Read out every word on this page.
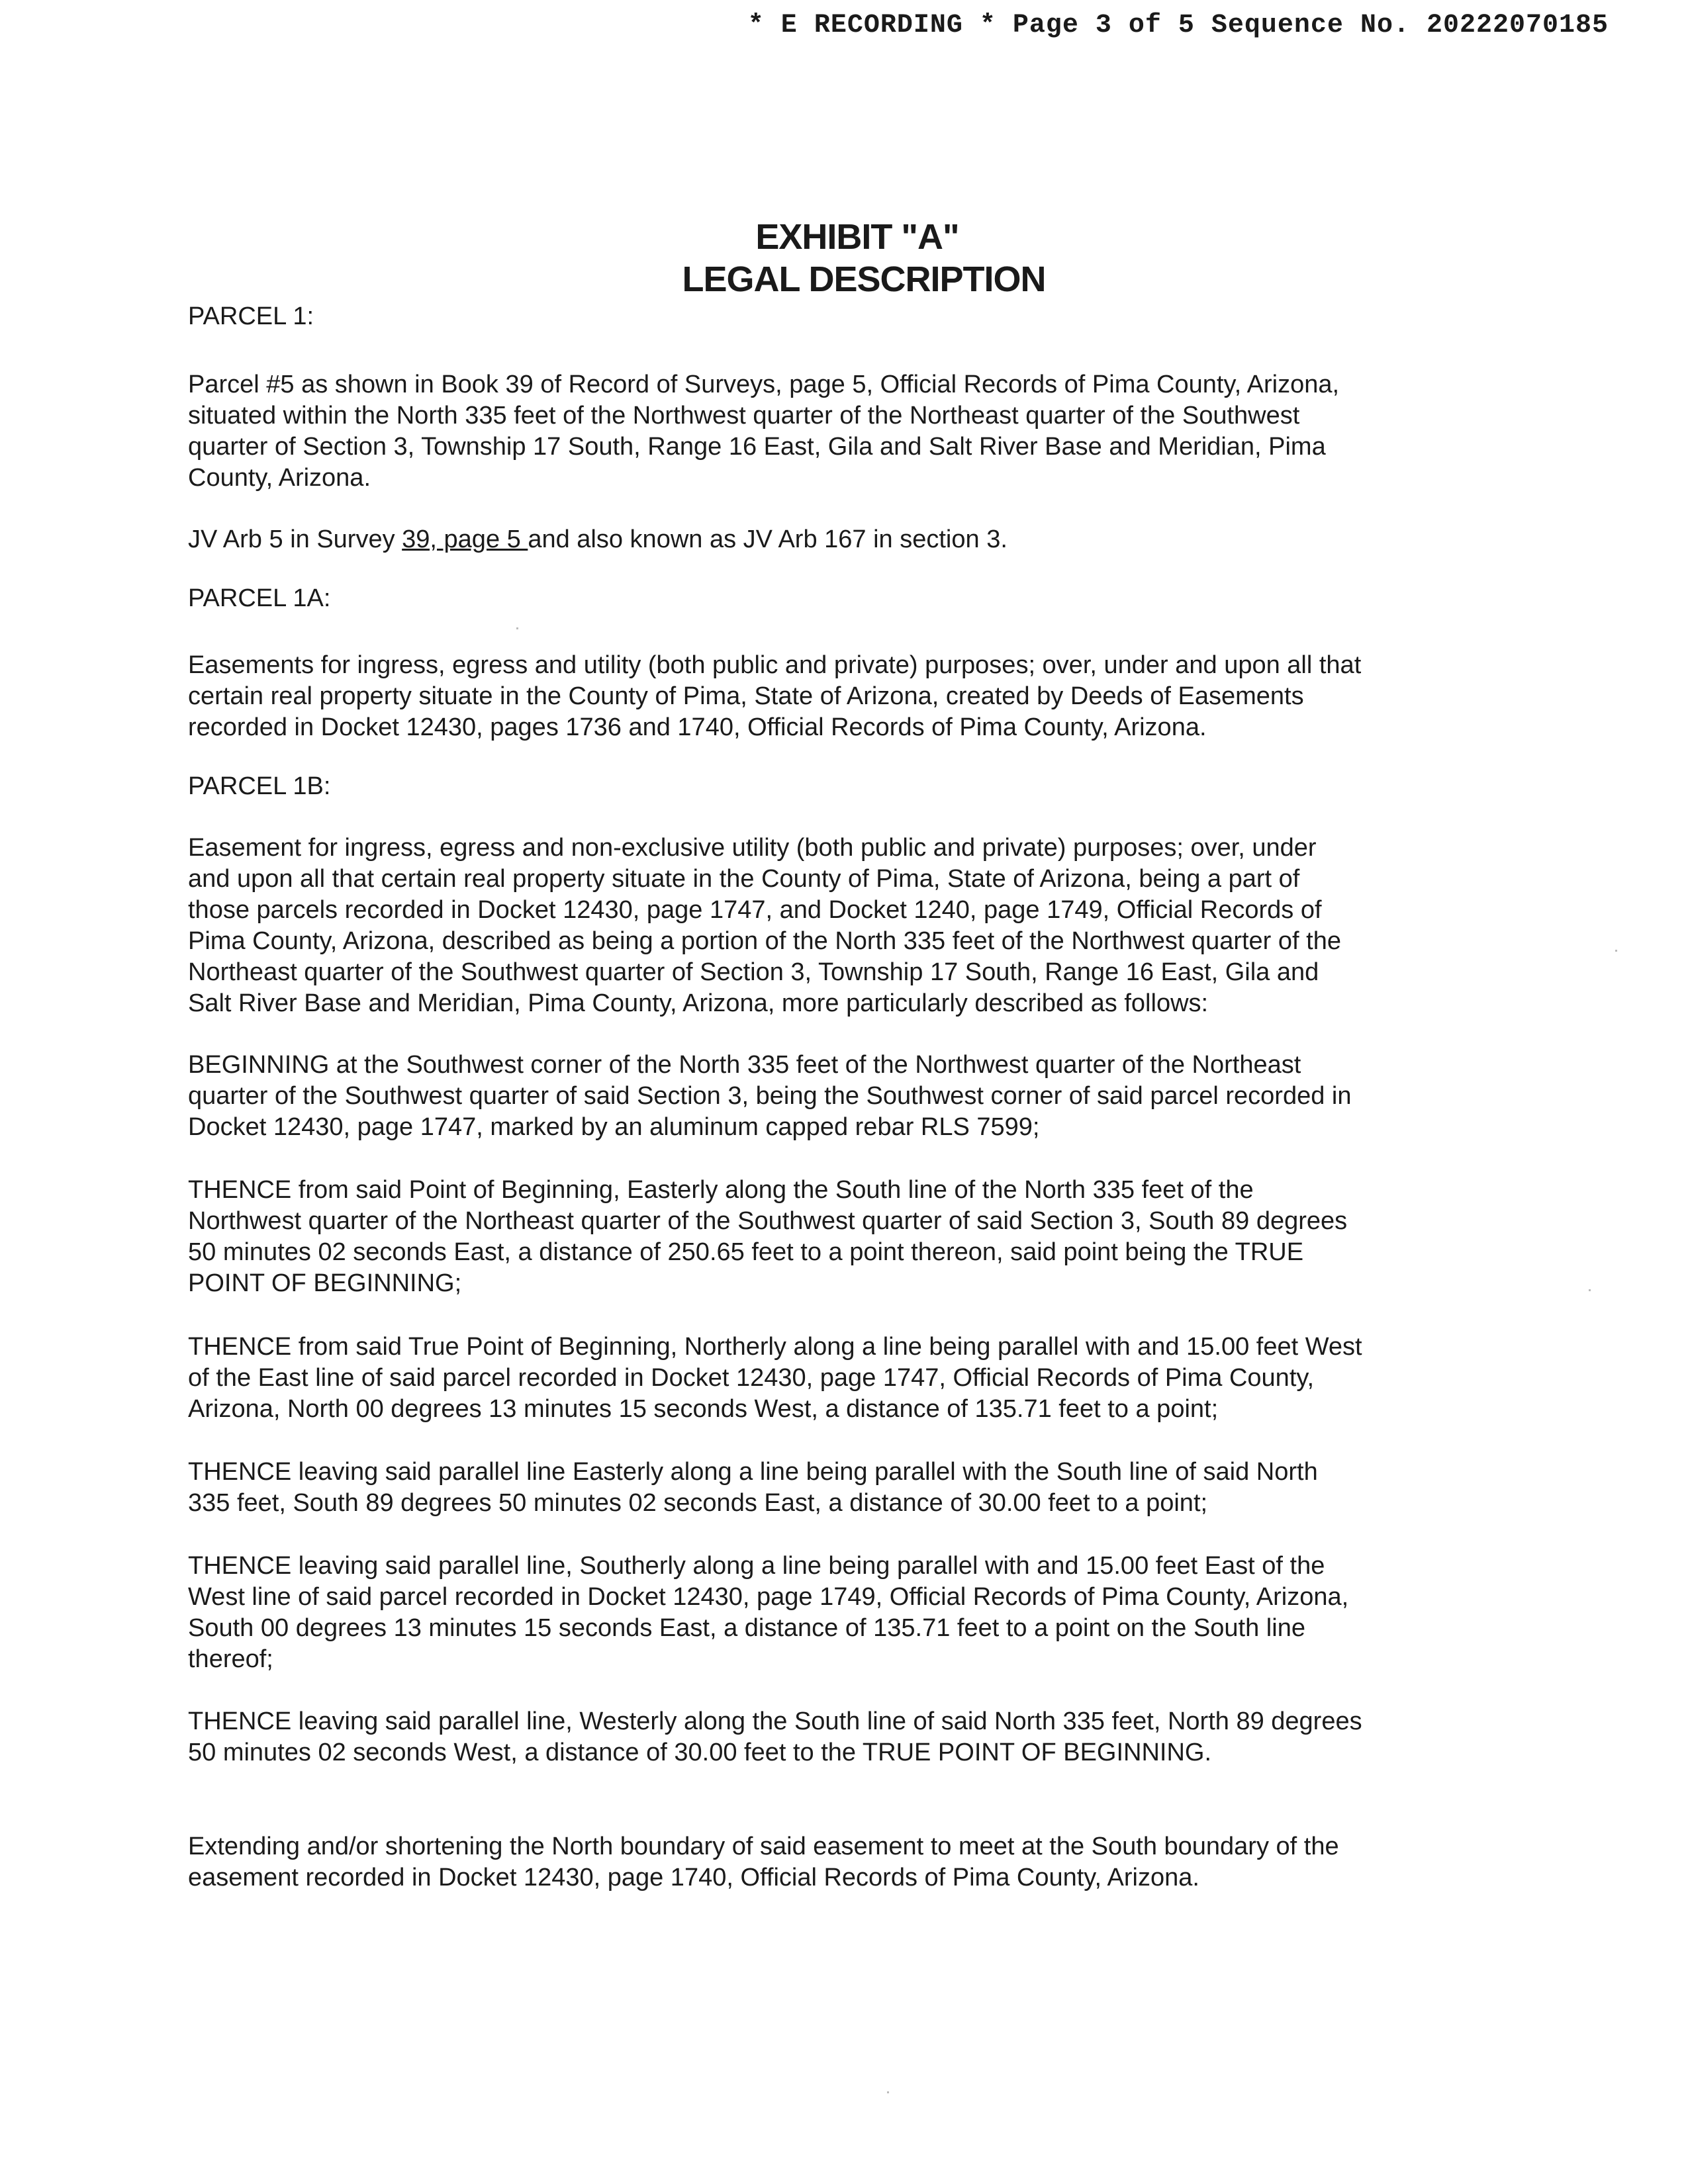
* E RECORDING * Page 3 of 5 Sequence No. 20222070185
EXHIBIT "A"
LEGAL DESCRIPTION
PARCEL 1:
Parcel #5 as shown in Book 39 of Record of Surveys, page 5, Official Records of Pima County, Arizona,
situated within the North 335 feet of the Northwest quarter of the Northeast quarter of the Southwest
quarter of Section 3, Township 17 South, Range 16 East, Gila and Salt River Base and Meridian, Pima
County, Arizona.
JV Arb 5 in Survey 39, page 5 and also known as JV Arb 167 in section 3.
PARCEL 1A:
Easements for ingress, egress and utility (both public and private) purposes; over, under and upon all that
certain real property situate in the County of Pima, State of Arizona, created by Deeds of Easements
recorded in Docket 12430, pages 1736 and 1740, Official Records of Pima County, Arizona.
PARCEL 1B:
Easement for ingress, egress and non-exclusive utility (both public and private) purposes; over, under
and upon all that certain real property situate in the County of Pima, State of Arizona, being a part of
those parcels recorded in Docket 12430, page 1747, and Docket 1240, page 1749, Official Records of
Pima County, Arizona, described as being a portion of the North 335 feet of the Northwest quarter of the
Northeast quarter of the Southwest quarter of Section 3, Township 17 South, Range 16 East, Gila and
Salt River Base and Meridian, Pima County, Arizona, more particularly described as follows:
BEGINNING at the Southwest corner of the North 335 feet of the Northwest quarter of the Northeast
quarter of the Southwest quarter of said Section 3, being the Southwest corner of said parcel recorded in
Docket 12430, page 1747, marked by an aluminum capped rebar RLS 7599;
THENCE from said Point of Beginning, Easterly along the South line of the North 335 feet of the
Northwest quarter of the Northeast quarter of the Southwest quarter of said Section 3, South 89 degrees
50 minutes 02 seconds East, a distance of 250.65 feet to a point thereon, said point being the TRUE
POINT OF BEGINNING;
THENCE from said True Point of Beginning, Northerly along a line being parallel with and 15.00 feet West
of the East line of said parcel recorded in Docket 12430, page 1747, Official Records of Pima County,
Arizona, North 00 degrees 13 minutes 15 seconds West, a distance of 135.71 feet to a point;
THENCE leaving said parallel line Easterly along a line being parallel with the South line of said North
335 feet, South 89 degrees 50 minutes 02 seconds East, a distance of 30.00 feet to a point;
THENCE leaving said parallel line, Southerly along a line being parallel with and 15.00 feet East of the
West line of said parcel recorded in Docket 12430, page 1749, Official Records of Pima County, Arizona,
South 00 degrees 13 minutes 15 seconds East, a distance of 135.71 feet to a point on the South line
thereof;
THENCE leaving said parallel line, Westerly along the South line of said North 335 feet, North 89 degrees
50 minutes 02 seconds West, a distance of 30.00 feet to the TRUE POINT OF BEGINNING.
Extending and/or shortening the North boundary of said easement to meet at the South boundary of the
easement recorded in Docket 12430, page 1740, Official Records of Pima County, Arizona.
